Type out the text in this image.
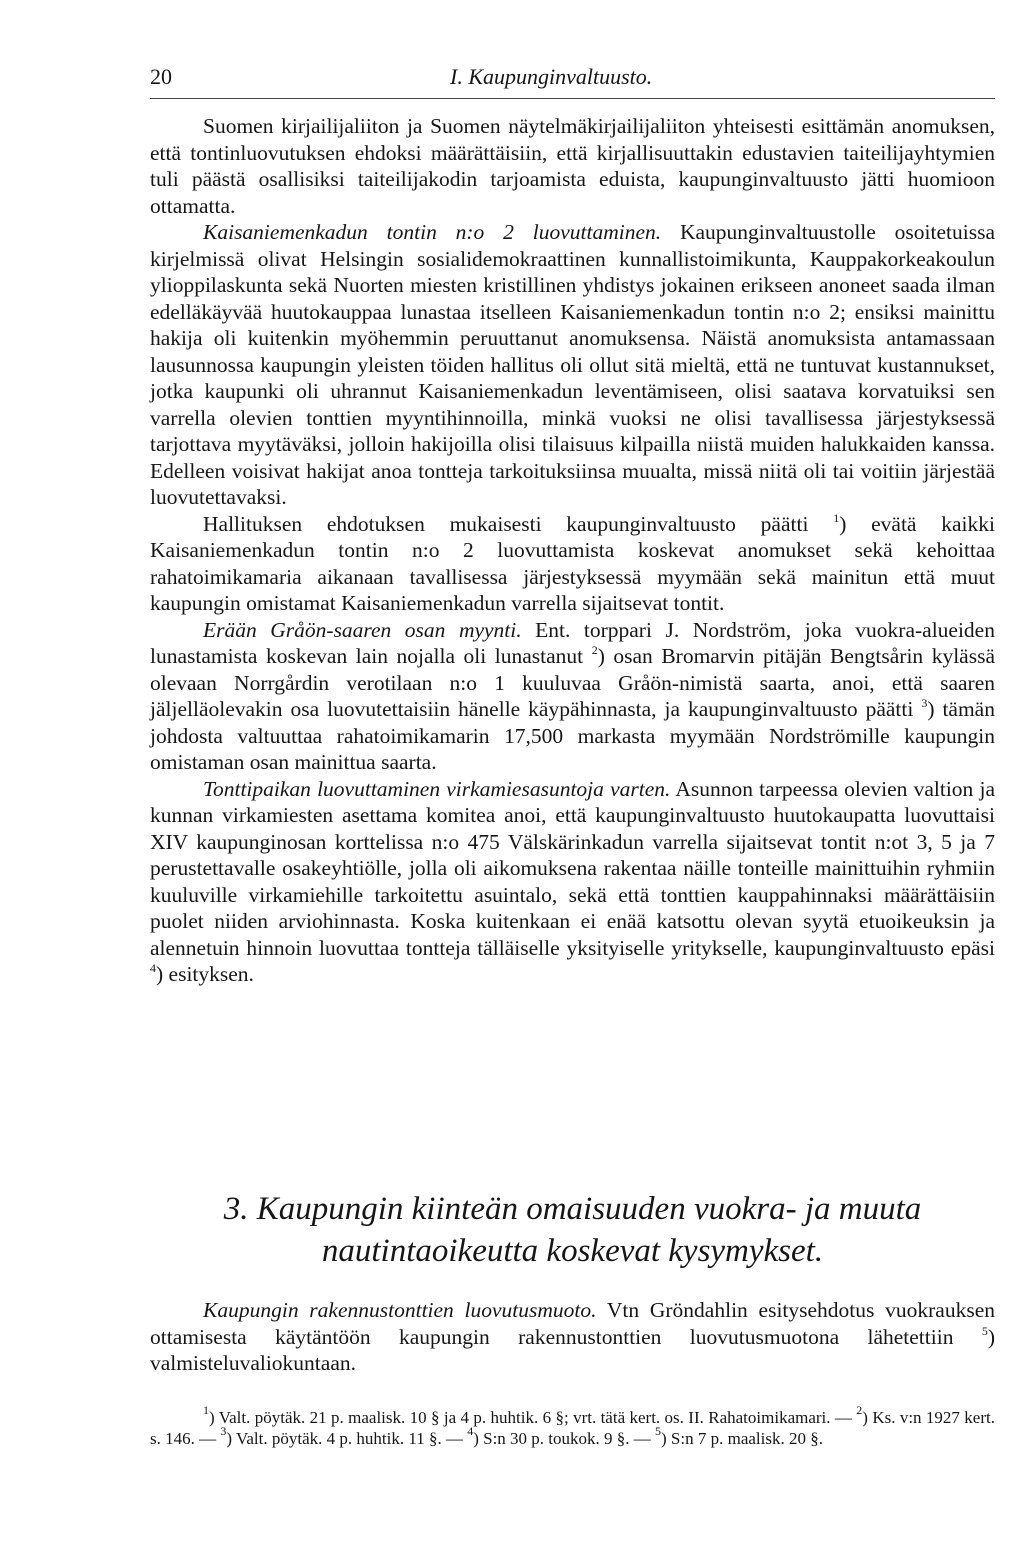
20	I. Kaupunginvaltuusto.

Suomen kirjailijaliiton ja Suomen näytelmäkirjailijaliiton yhteisesti esittämän anomuksen, että tontinluovutuksen ehdoksi määrättäisiin, että kirjallisuuttakin edustavien taiteilijayhtymien tuli päästä osallisiksi taiteilijakodin tarjoamista eduista, kaupunginvaltuusto jätti huomioon ottamatta.

Kaisaniemenkadun tontin n:o 2 luovuttaminen. Kaupunginvaltuustolle osoitetuissa kirjelmissä olivat Helsingin sosialidemokraattinen kunnallistoimikunta, Kauppakorkeakoulun ylioppilaskunta sekä Nuorten miesten kristillinen yhdistys jokainen erikseen anoneet saada ilman edelläkäyvää huutokauppaa lunastaa itselleen Kaisaniemenkadun tontin n:o 2; ensiksi mainittu hakija oli kuitenkin myöhemmin peruuttanut anomuksensa. Näistä anomuksista antamassaan lausunnossa kaupungin yleisten töiden hallitus oli ollut sitä mieltä, että ne tuntuvat kustannukset, jotka kaupunki oli uhrannut Kaisaniemenkadun leventämiseen, olisi saatava korvatuiksi sen varrella olevien tonttien myyntihinnoilla, minkä vuoksi ne olisi tavallisessa järjestyksessä tarjottava myytäväksi, jolloin hakijoilla olisi tilaisuus kilpailla niistä muiden halukkaiden kanssa. Edelleen voisivat hakijat anoa tontteja tarkoituksiinsa muualta, missä niitä oli tai voitiin järjestää luovutettavaksi.

Hallituksen ehdotuksen mukaisesti kaupunginvaltuusto päätti $^1$) evätä kaikki Kaisaniemenkadun tontin n:o 2 luovuttamista koskevat anomukset sekä kehoittaa rahatoimikamaria aikanaan tavallisessa järjestyksessä myymään sekä mainitun että muut kaupungin omistamat Kaisaniemenkadun varrella sijaitsevat tontit.

Erään Gråön-saaren osan myynti. Ent. torppari J. Nordström, joka vuokra-alueiden lunastamista koskevan lain nojalla oli lunastanut $^2$) osan Bromarvin pitäjän Bengtsårin kylässä olevaan Norrgårdin verotilaan n:o 1 kuuluvaa Gråön-nimistä saarta, anoi, että saaren jäljelläolevakin osa luovutettaisiin hänelle käypähinnasta, ja kaupunginvaltuusto päätti $^3$) tämän johdosta valtuuttaa rahatoimikamarin 17,500 markasta myymään Nordströmille kaupungin omistaman osan mainittua saarta.

Tonttipaikan luovuttaminen virkamiesasuntoja varten. Asunnon tarpeessa olevien valtion ja kunnan virkamiesten asettama komitea anoi, että kaupunginvaltuusto huutokaupatta luovuttaisi XIV kaupunginosan korttelissa n:o 475 Välskärinkadun varrella sijaitsevat tontit n:ot 3, 5 ja 7 perustettavalle osakeyhtiölle, jolla oli aikomuksena rakentaa näille tonteille mainittuihin ryhmiin kuuluville virkamiehille tarkoitettu asuintalo, sekä että tonttien kauppahinnaksi määrättäisiin puolet niiden arviohinnasta. Koska kuitenkaan ei enää katsottu olevan syytä etuoikeuksin ja alennetuin hinnoin luovuttaa tontteja tälläiselle yksityiselle yritykselle, kaupunginvaltuusto epäsi $^4$) esityksen.

3. Kaupungin kiinteän omaisuuden vuokra- ja muuta
nautintaoikeutta koskevat kysymykset.

Kaupungin rakennustonttien luovutusmuoto. Vtn Gröndahlin esitysehdotus vuokrauksen ottamisesta käytäntöön kaupungin rakennustonttien luovutusmuotona lähetettiin $^5$) valmisteluvaliokuntaan.

$^1$) Valt. pöytäk. 21 p. maalisk. 10 § ja 4 p. huhtik. 6 §; vrt. tätä kert. os. II. Rahatoimikamari. — $^2$) Ks. v:n 1927 kert. s. 146. — $^3$) Valt. pöytäk. 4 p. huhtik. 11 §. — $^4$) S:n 30 p. toukok. 9 §. — $^5$) S:n 7 p. maalisk. 20 §.
